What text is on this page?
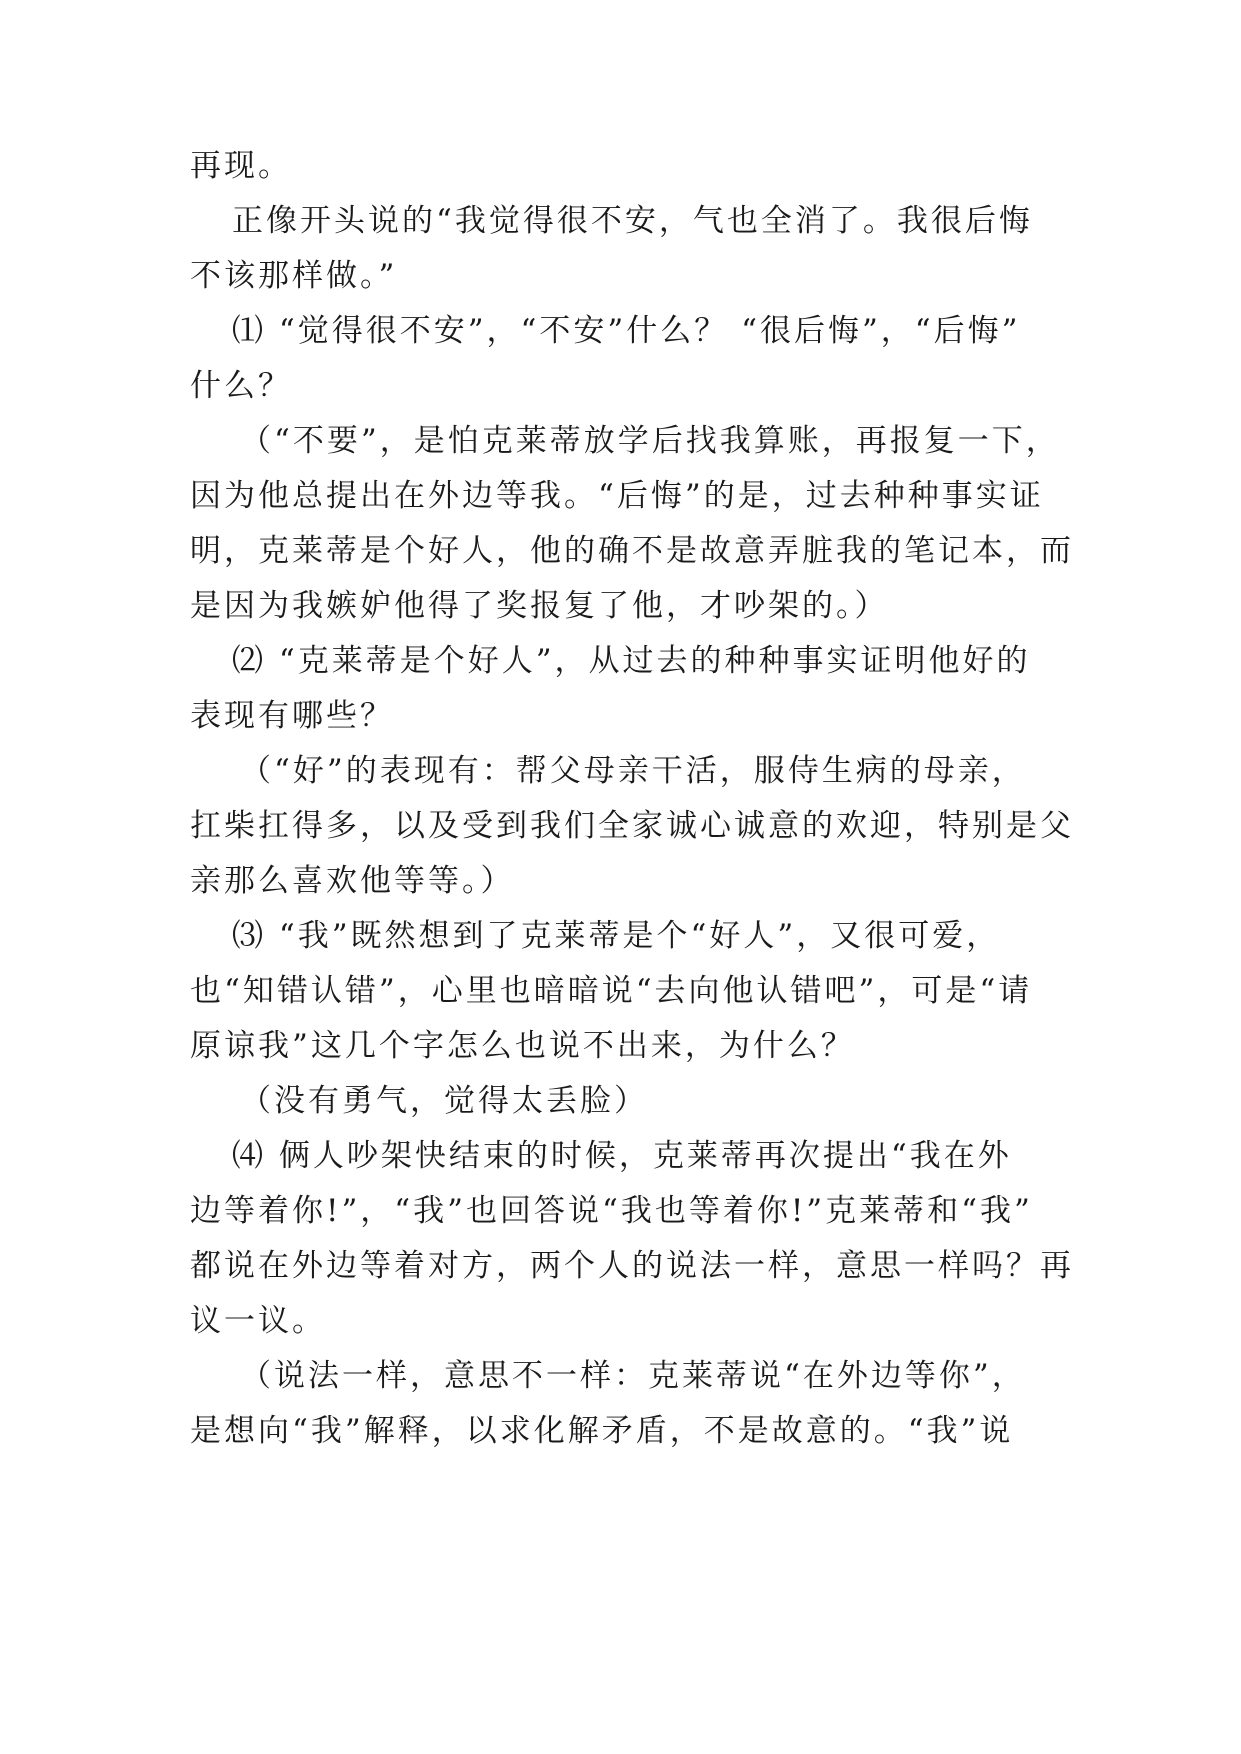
再现。
正像开头说的“我觉得很不安，气也全消了。我很后悔
不该那样做。”
⑴ “觉得很不安”，“不安”什么？ “很后悔”，“后悔”
什么？
（“不要”，是怕克莱蒂放学后找我算账，再报复一下，
因为他总提出在外边等我。“后悔”的是，过去种种事实证
明，克莱蒂是个好人，他的确不是故意弄脏我的笔记本，而
是因为我嫉妒他得了奖报复了他，才吵架的。）
⑵ “克莱蒂是个好人”，从过去的种种事实证明他好的
表现有哪些？
（“好”的表现有：帮父母亲干活，服侍生病的母亲，
扛柴扛得多，以及受到我们全家诚心诚意的欢迎，特别是父
亲那么喜欢他等等。）
⑶ “我”既然想到了克莱蒂是个“好人”，又很可爱，
也“知错认错”，心里也暗暗说“去向他认错吧”，可是“请
原谅我”这几个字怎么也说不出来，为什么？
（没有勇气，觉得太丢脸）
⑷ 俩人吵架快结束的时候，克莱蒂再次提出“我在外
边等着你!”，“我”也回答说“我也等着你!”克莱蒂和“我”
都说在外边等着对方，两个人的说法一样，意思一样吗？再
议一议。
（说法一样，意思不一样：克莱蒂说“在外边等你”，
是想向“我”解释，以求化解矛盾，不是故意的。“我”说
